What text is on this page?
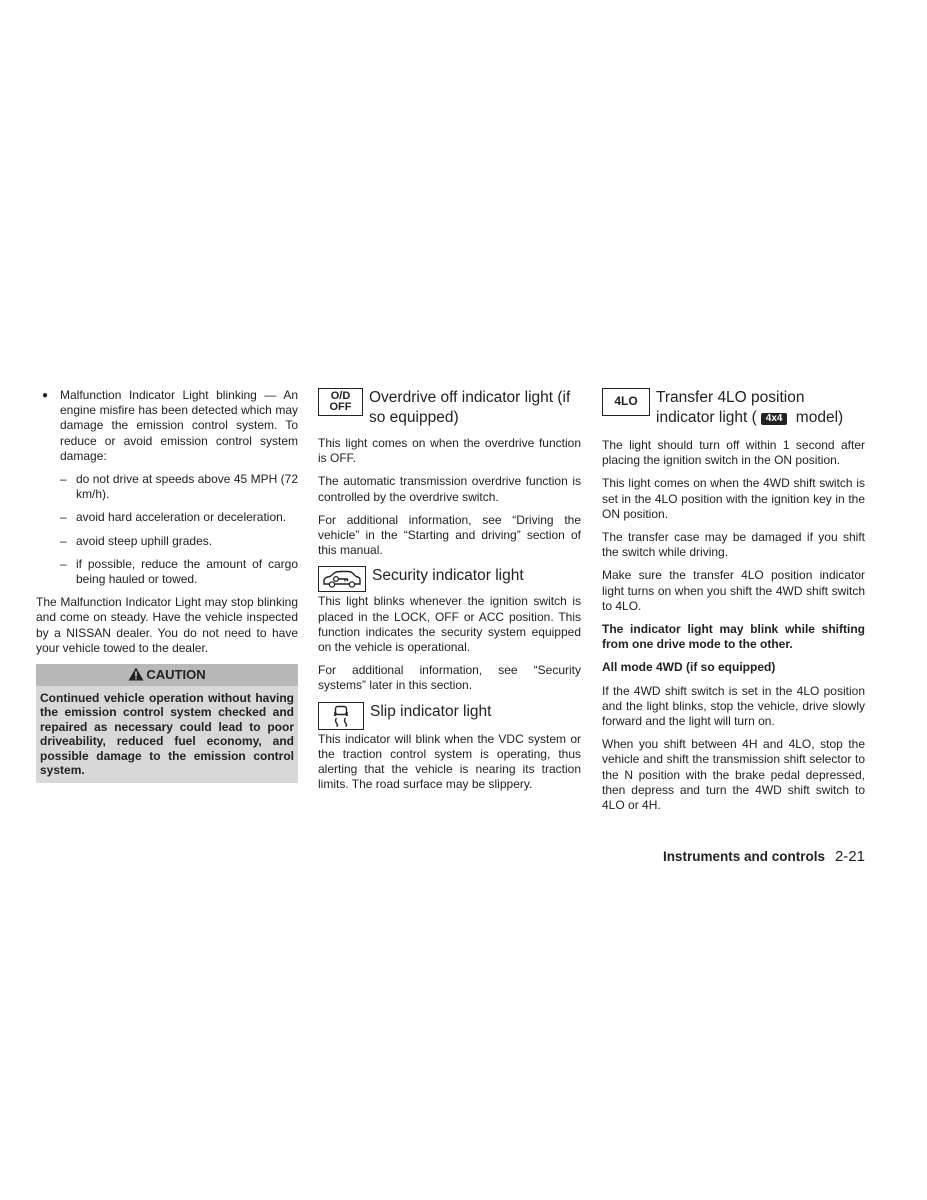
● Malfunction Indicator Light blinking — An engine misfire has been detected which may damage the emission control system. To reduce or avoid emission control system damage:
– do not drive at speeds above 45 MPH (72 km/h).
– avoid hard acceleration or deceleration.
– avoid steep uphill grades.
– if possible, reduce the amount of cargo being hauled or towed.

The Malfunction Indicator Light may stop blinking and come on steady. Have the vehicle inspected by a NISSAN dealer. You do not need to have your vehicle towed to the dealer.

CAUTION
Continued vehicle operation without having the emission control system checked and repaired as necessary could lead to poor driveability, reduced fuel economy, and possible damage to the emission control system.
O/D
OFF
Overdrive off indicator light (if so equipped)

This light comes on when the overdrive function is OFF.

The automatic transmission overdrive function is controlled by the overdrive switch.

For additional information, see “Driving the vehicle” in the “Starting and driving” section of this manual.

Security indicator light

This light blinks whenever the ignition switch is placed in the LOCK, OFF or ACC position. This function indicates the security system equipped on the vehicle is operational.

For additional information, see “Security systems” later in this section.

Slip indicator light

This indicator will blink when the VDC system or the traction control system is operating, thus alerting that the vehicle is nearing its traction limits. The road surface may be slippery.

4LO Transfer 4LO position indicator light ( 4x4 model)

The light should turn off within 1 second after placing the ignition switch in the ON position.

This light comes on when the 4WD shift switch is set in the 4LO position with the ignition key in the ON position.

The transfer case may be damaged if you shift the switch while driving.

Make sure the transfer 4LO position indicator light turns on when you shift the 4WD shift switch to 4LO.

The indicator light may blink while shifting from one drive mode to the other.

All mode 4WD (if so equipped)

If the 4WD shift switch is set in the 4LO position and the light blinks, stop the vehicle, drive slowly forward and the light will turn on.

When you shift between 4H and 4LO, stop the vehicle and shift the transmission shift selector to the N position with the brake pedal depressed, then depress and turn the 4WD shift switch to 4LO or 4H.

Instruments and controls 2-21
